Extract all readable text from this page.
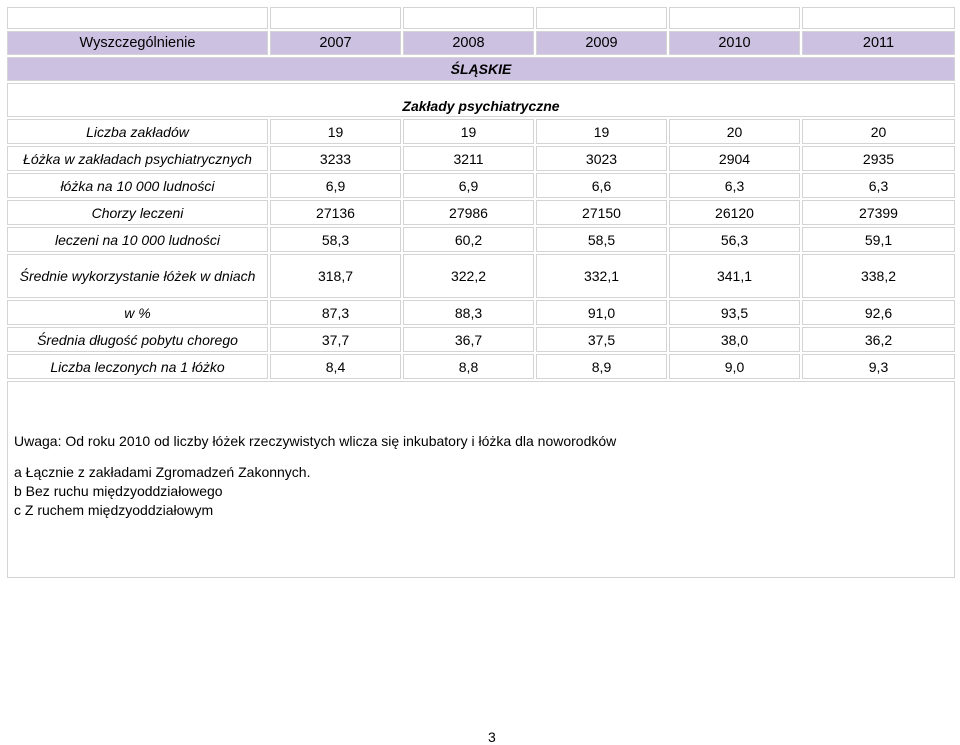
Wyszczególnienie	2007	2008	2009	2010	2011
ŚLĄSKIE					
Zakłady psychiatryczne					
Liczba zakładów	19	19	19	20	20
Łóżka w zakładach psychiatrycznych	3233	3211	3023	2904	2935
łóżka na 10 000 ludności	6,9	6,9	6,6	6,3	6,3
Chorzy leczeni	27136	27986	27150	26120	27399
leczeni na 10 000 ludności	58,3	60,2	58,5	56,3	59,1
Średnie wykorzystanie łóżek w dniach	318,7	322,2	332,1	341,1	338,2
w %	87,3	88,3	91,0	93,5	92,6
Średnia długość pobytu chorego	37,7	36,7	37,5	38,0	36,2
Liczba leczonych na 1 łóżko	8,4	8,8	8,9	9,0	9,3
Uwaga: Od roku 2010 od liczby łóżek rzeczywistych wlicza się inkubatory i łóżka dla noworodków
a Łącznie z zakładami Zgromadzeń Zakonnych.
b Bez ruchu międzyoddziałowego
c Z ruchem międzyoddziałowym					
3
